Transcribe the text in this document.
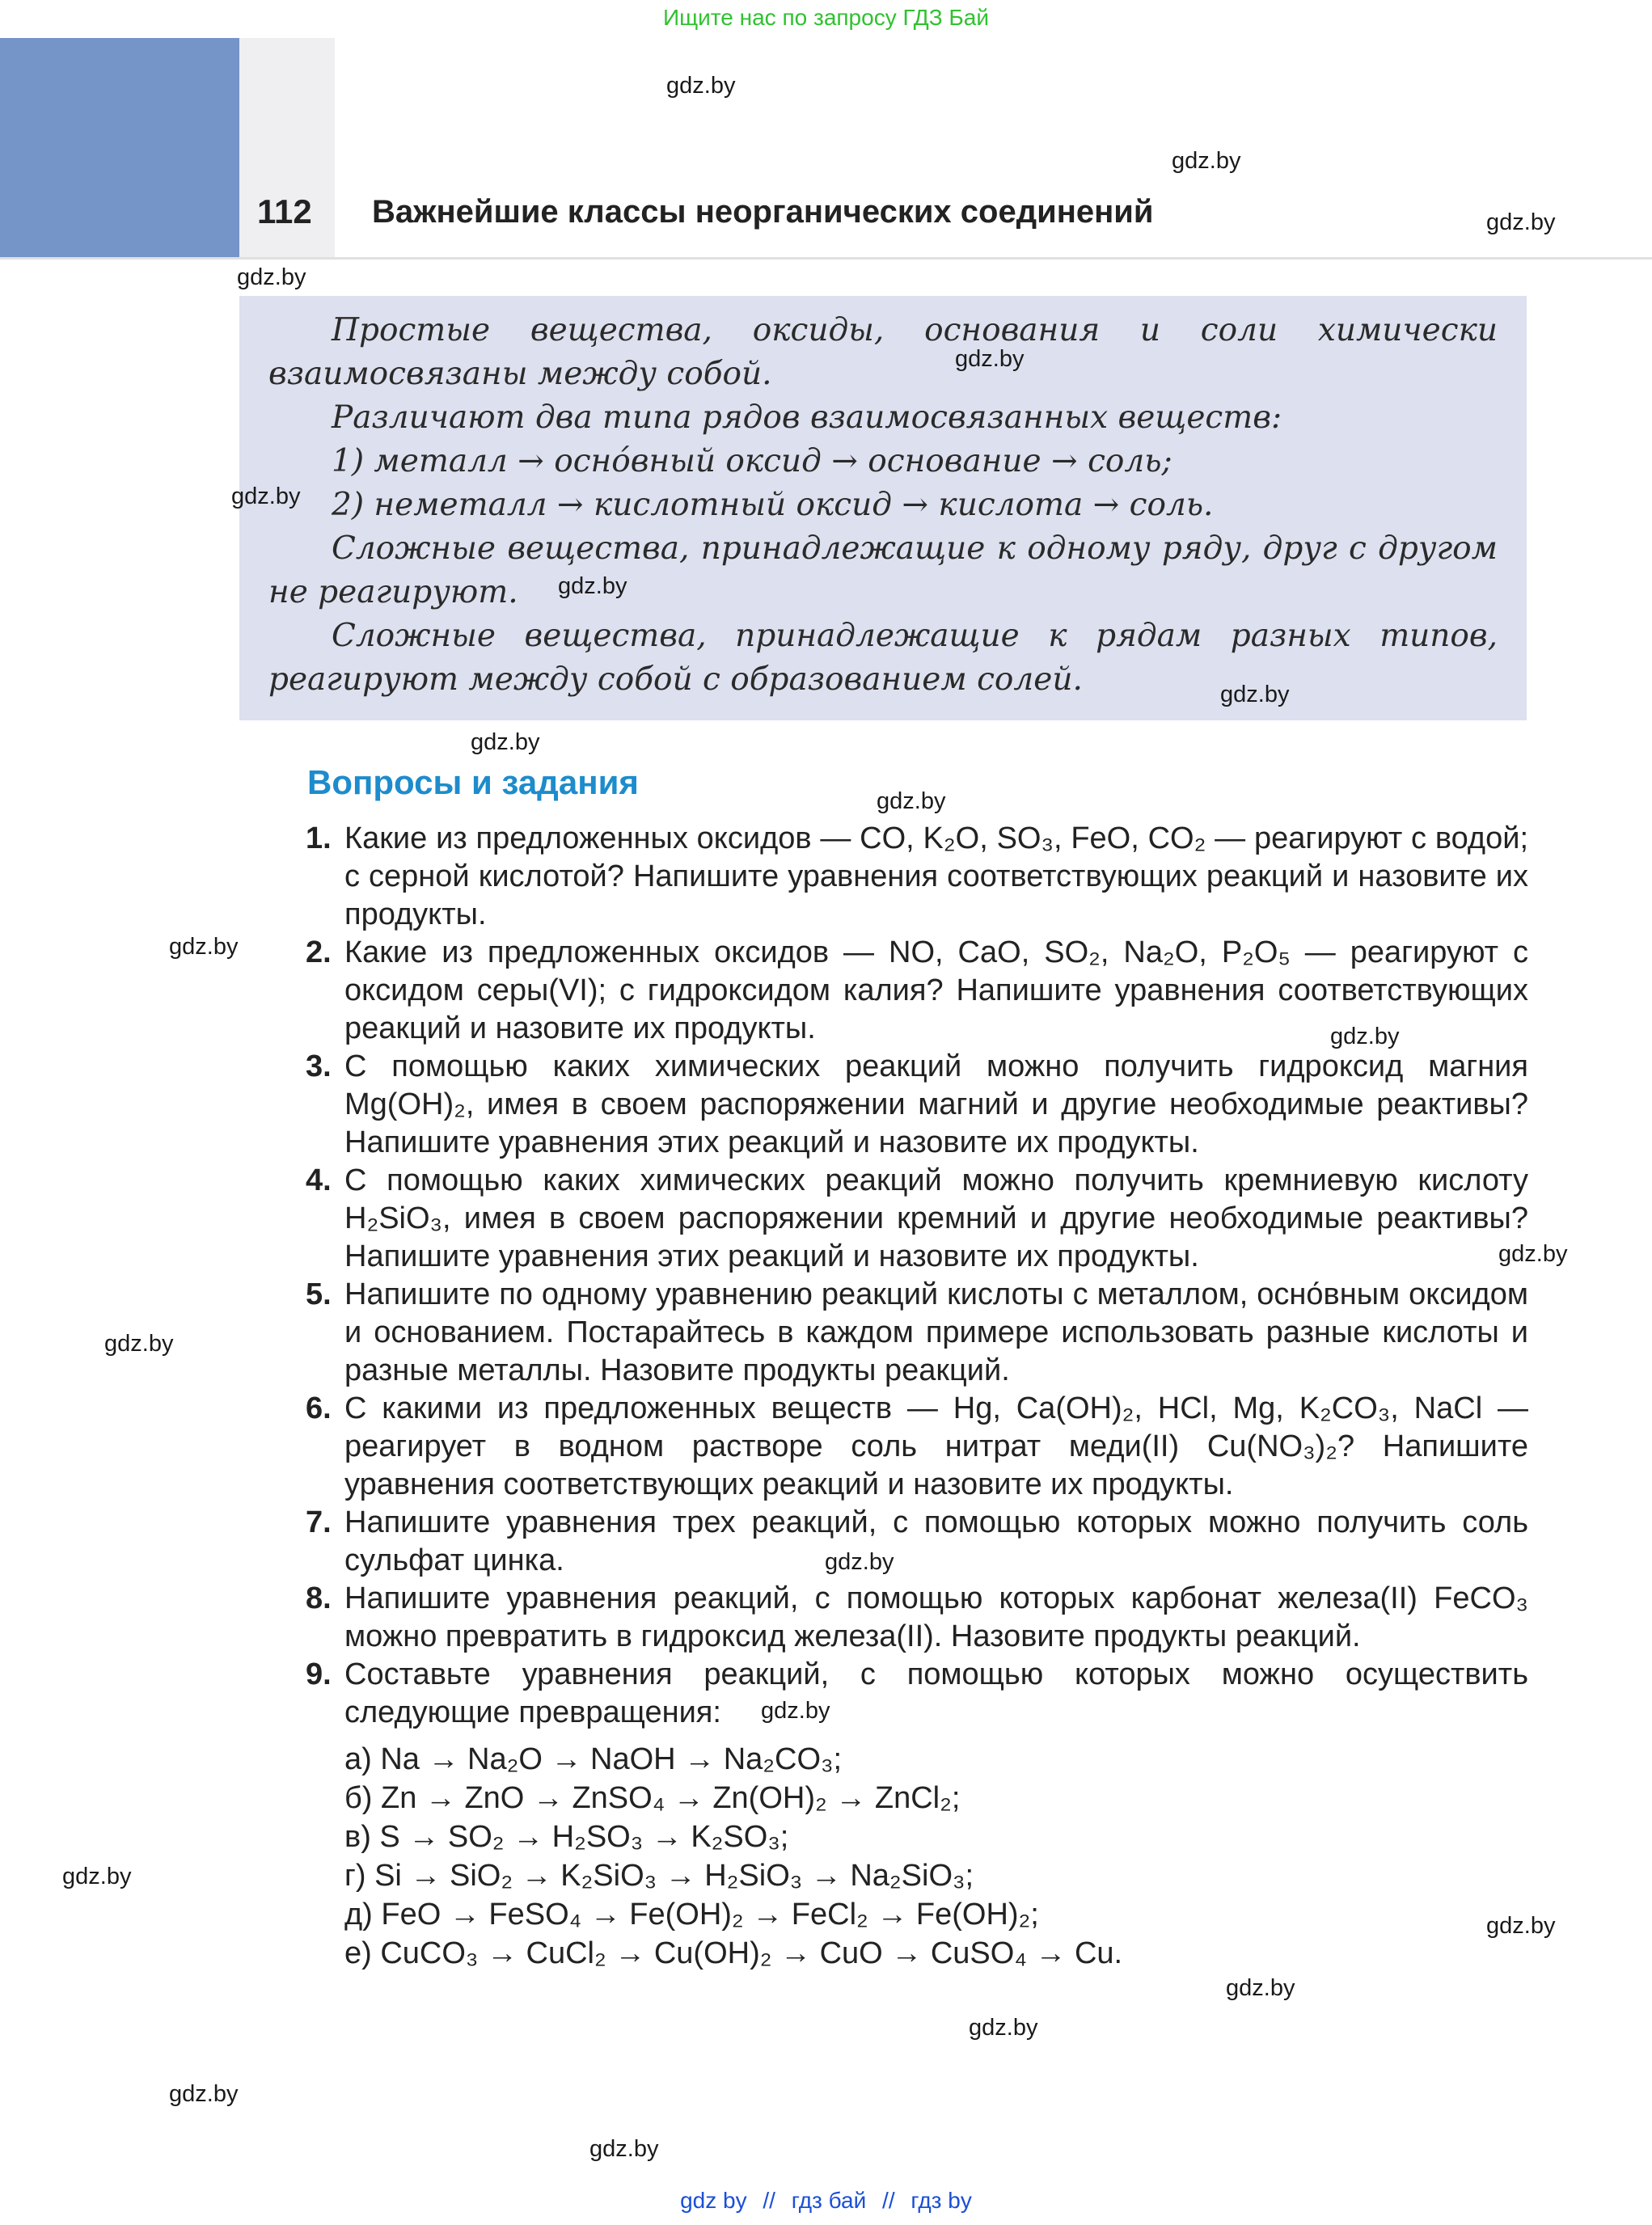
Ищите нас по запросу ГДЗ Бай
112 Важнейшие классы неорганических соединений
gdz.by
gdz.by
gdz.by
gdz.by

Простые вещества, оксиды, основания и соли химически взаимосвязаны между собой.

Различают два типа рядов взаимосвязанных веществ:

1) металл → осно́вный оксид → основание → соль;

2) неметалл → кислотный оксид → кислота → соль.

Сложные вещества, принадлежащие к одному ряду, друг с другом не реагируют.

Сложные вещества, принадлежащие к рядам разных типов, реагируют между собой с образованием солей.

gdz.by
gdz.by
gdz.by
gdz.by
gdz.by
Вопросы и задания	gdz.by
1. Какие из предложенных оксидов — CO, K₂O, SO₃, FeO, CO₂ — реагируют с водой; с серной кислотой? Напишите уравнения соответствующих реакций и назовите их продукты.
2. Какие из предложенных оксидов — NO, CaO, SO₂, Na₂O, P₂O₅ — реагируют с оксидом серы(VI); с гидроксидом калия? Напишите уравнения соответствующих реакций и назовите их продукты.
3. С помощью каких химических реакций можно получить гидроксид магния Mg(OH)₂, имея в своем распоряжении магний и другие необходимые реактивы? Напишите уравнения этих реакций и назовите их продукты.
4. С помощью каких химических реакций можно получить кремниевую кислоту H₂SiO₃, имея в своем распоряжении кремний и другие необходимые реактивы? Напишите уравнения этих реакций и назовите их продукты.
5. Напишите по одному уравнению реакций кислоты с металлом, осно́вным оксидом и основанием. Постарайтесь в каждом примере использовать разные кислоты и разные металлы. Назовите продукты реакций.
6. С какими из предложенных веществ — Hg, Ca(OH)₂, HCl, Mg, K₂CO₃, NaCl — реагирует в водном растворе соль нитрат меди(II) Cu(NO₃)₂? Напишите уравнения соответствующих реакций и назовите их продукты.
7. Напишите уравнения трех реакций, с помощью которых можно получить соль сульфат цинка.
8. Напишите уравнения реакций, с помощью которых карбонат железа(II) FeCO₃ можно превратить в гидроксид железа(II). Назовите продукты реакций.
9. Составьте уравнения реакций, с помощью которых можно осуществить следующие превращения:
а) Na → Na₂O → NaOH → Na₂CO₃;
б) Zn → ZnO → ZnSO₄ → Zn(OH)₂ → ZnCl₂;
в) S → SO₂ → H₂SO₃ → K₂SO₃;
г) Si → SiO₂ → K₂SiO₃ → H₂SiO₃ → Na₂SiO₃;
д) FeO → FeSO₄ → Fe(OH)₂ → FeCl₂ → Fe(OH)₂;
е) CuCO₃ → CuCl₂ → Cu(OH)₂ → CuO → CuSO₄ → Cu.
gdz.by
gdz.by
gdz.by
gdz.by
gdz.by
gdz.by
gdz.by
gdz.by
gdz.by
gdz.by
gdz.by
gdz.by
gdz by // гдз бай // гдз by
